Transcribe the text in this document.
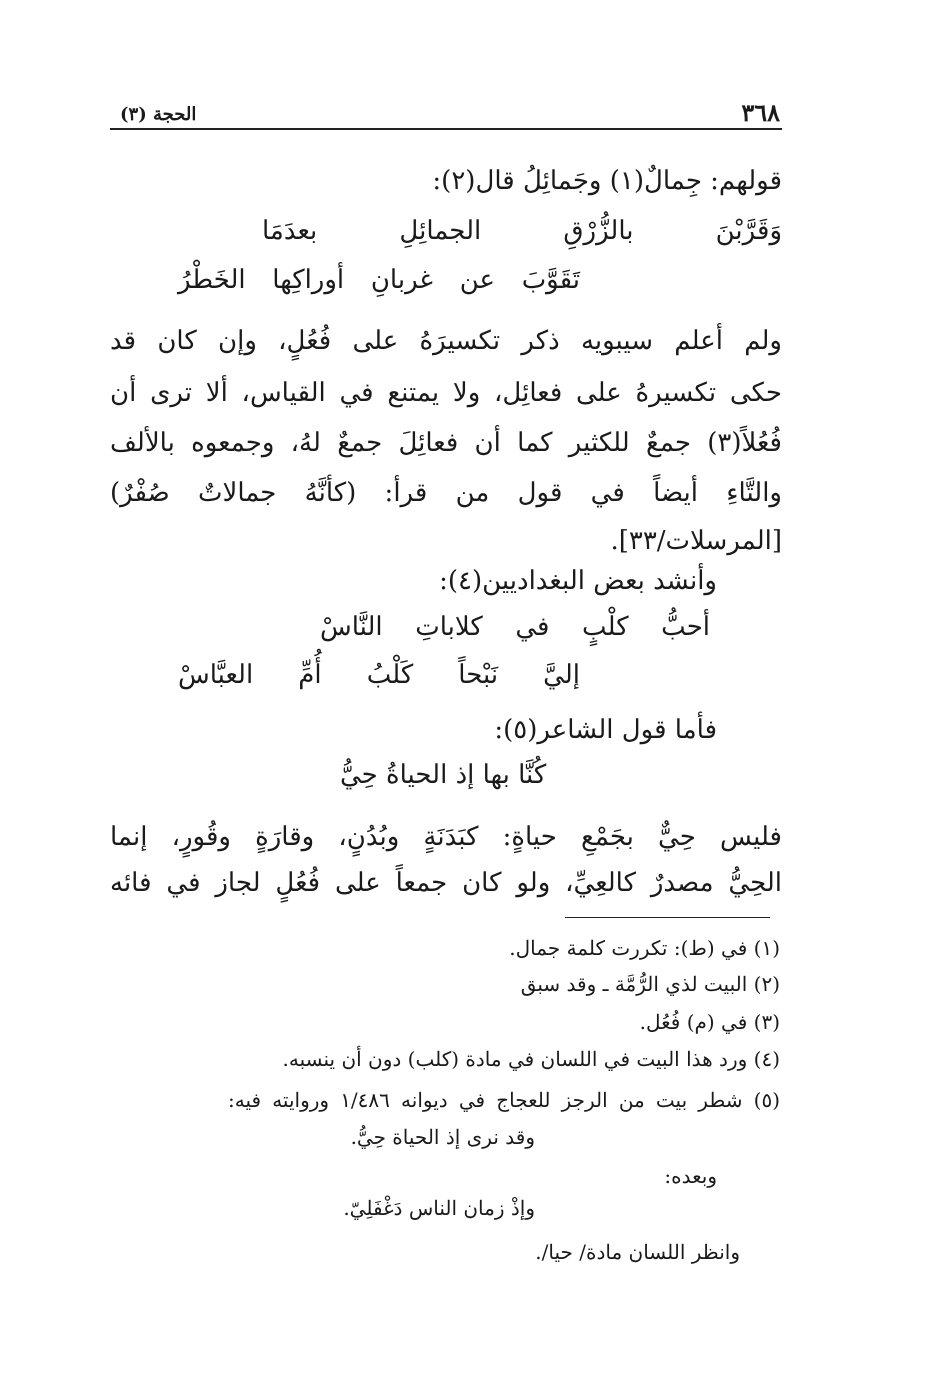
٣٦٨
الحجة (٣)
قولهم: جِمالٌ(١) وجَمائِلُ قال(٢):
وَقَرَّبْنَ بالزُّرْقِ الجمائِلِ بعدَمَا
تَقَوَّبَ عن غربانِ أوراكِها الخَطْرُ
ولم أعلم سيبويه ذكر تكسيرَهُ على فُعُلٍ، وإن كان قد
حكى تكسيرهُ على فعائِل، ولا يمتنع في القياس، ألا ترى أن
فُعُلاً(٣) جمعٌ للكثير كما أن فعائِلَ جمعٌ لهُ، وجمعوه بالألف
والتَّاءِ أيضاً في قول من قرأ: (كأنَّهُ جمالاتٌ صُفْرٌ)
[المرسلات/٣٣].
وأنشد بعض البغداديين(٤):
أحبُّ كلْبٍ في كلاباتِ النَّاسْ
إليَّ نَبْحاً كَلْبُ أُمِّ العبَّاسْ
فأما قول الشاعر(٥):
كُنَّا بها إذ الحياةُ حِيُّ
فليس حِيٌّ بجَمْعِ حياةٍ: كبَدَنَةٍ وبُدُنٍ، وقارَةٍ وقُورٍ، إنما
الحِيُّ مصدرٌ كالعِيِّ، ولو كان جمعاً على فُعُلٍ لجاز في فائه
(١) في (ط): تكررت كلمة جمال.
(٢) البيت لذي الرُّمَّة ـ وقد سبق
(٣) في (م) فُعُل.
(٤) ورد هذا البيت في اللسان في مادة (كلب) دون أن ينسبه.
(٥) شطر بيت من الرجز للعجاج في ديوانه ١/٤٨٦ وروايته فيه:
وقد نرى إذ الحياة حِيُّ.
وبعده:
وإذْ زمان الناس دَغْفَلِيّ.
وانظر اللسان مادة/ حيا/.
